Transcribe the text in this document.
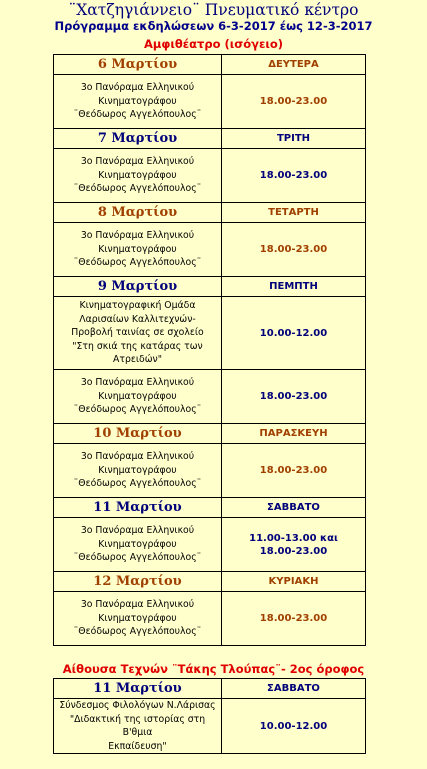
¨Χατζηγιάννειο¨ Πνευματικό κέντρο
Πρόγραμμα εκδηλώσεων 6-3-2017 έως 12-3-2017
Αμφιθέατρο (ισόγειο)
6 Μαρτίου	ΔΕΥΤΕΡΑ

3ο Πανόραμα Ελληνικού
Κινηματογράφου
¨Θεόδωρος Αγγελόπουλος¨	18.00-23.00

7 Μαρτίου	ΤΡΙΤΗ

3ο Πανόραμα Ελληνικού
Κινηματογράφου
¨Θεόδωρος Αγγελόπουλος¨	18.00-23.00

8 Μαρτίου	ΤΕΤΑΡΤΗ

3ο Πανόραμα Ελληνικού
Κινηματογράφου
¨Θεόδωρος Αγγελόπουλος¨	18.00-23.00

9 Μαρτίου	ΠΕΜΠΤΗ

Κινηματογραφική Ομάδα
Λαρισαίων Καλλιτεχνών-
Προβολή ταινίας σε σχολείο
"Στη σκιά της κατάρας των
Ατρειδών"	10.00-12.00

3ο Πανόραμα Ελληνικού
Κινηματογράφου
¨Θεόδωρος Αγγελόπουλος¨	18.00-23.00

10 Μαρτίου	ΠΑΡΑΣΚΕΥΗ

3ο Πανόραμα Ελληνικού
Κινηματογράφου
¨Θεόδωρος Αγγελόπουλος¨	18.00-23.00

11 Μαρτίου	ΣΑΒΒΑΤΟ

3ο Πανόραμα Ελληνικού
Κινηματογράφου
¨Θεόδωρος Αγγελόπουλος¨	11.00-13.00 και
18.00-23.00

12 Μαρτίου	ΚΥΡΙΑΚΗ

3ο Πανόραμα Ελληνικού
Κινηματογράφου
¨Θεόδωρος Αγγελόπουλος¨	18.00-23.00
Αίθουσα Τεχνών ¨Τάκης Τλούπας¨- 2ος όροφος
11 Μαρτίου	ΣΑΒΒΑΤΟ

Σύνδεσμος Φιλολόγων Ν.Λάρισας
"Διδακτική της ιστορίας στη Β'θμια
Εκπαίδευση"	10.00-12.00
